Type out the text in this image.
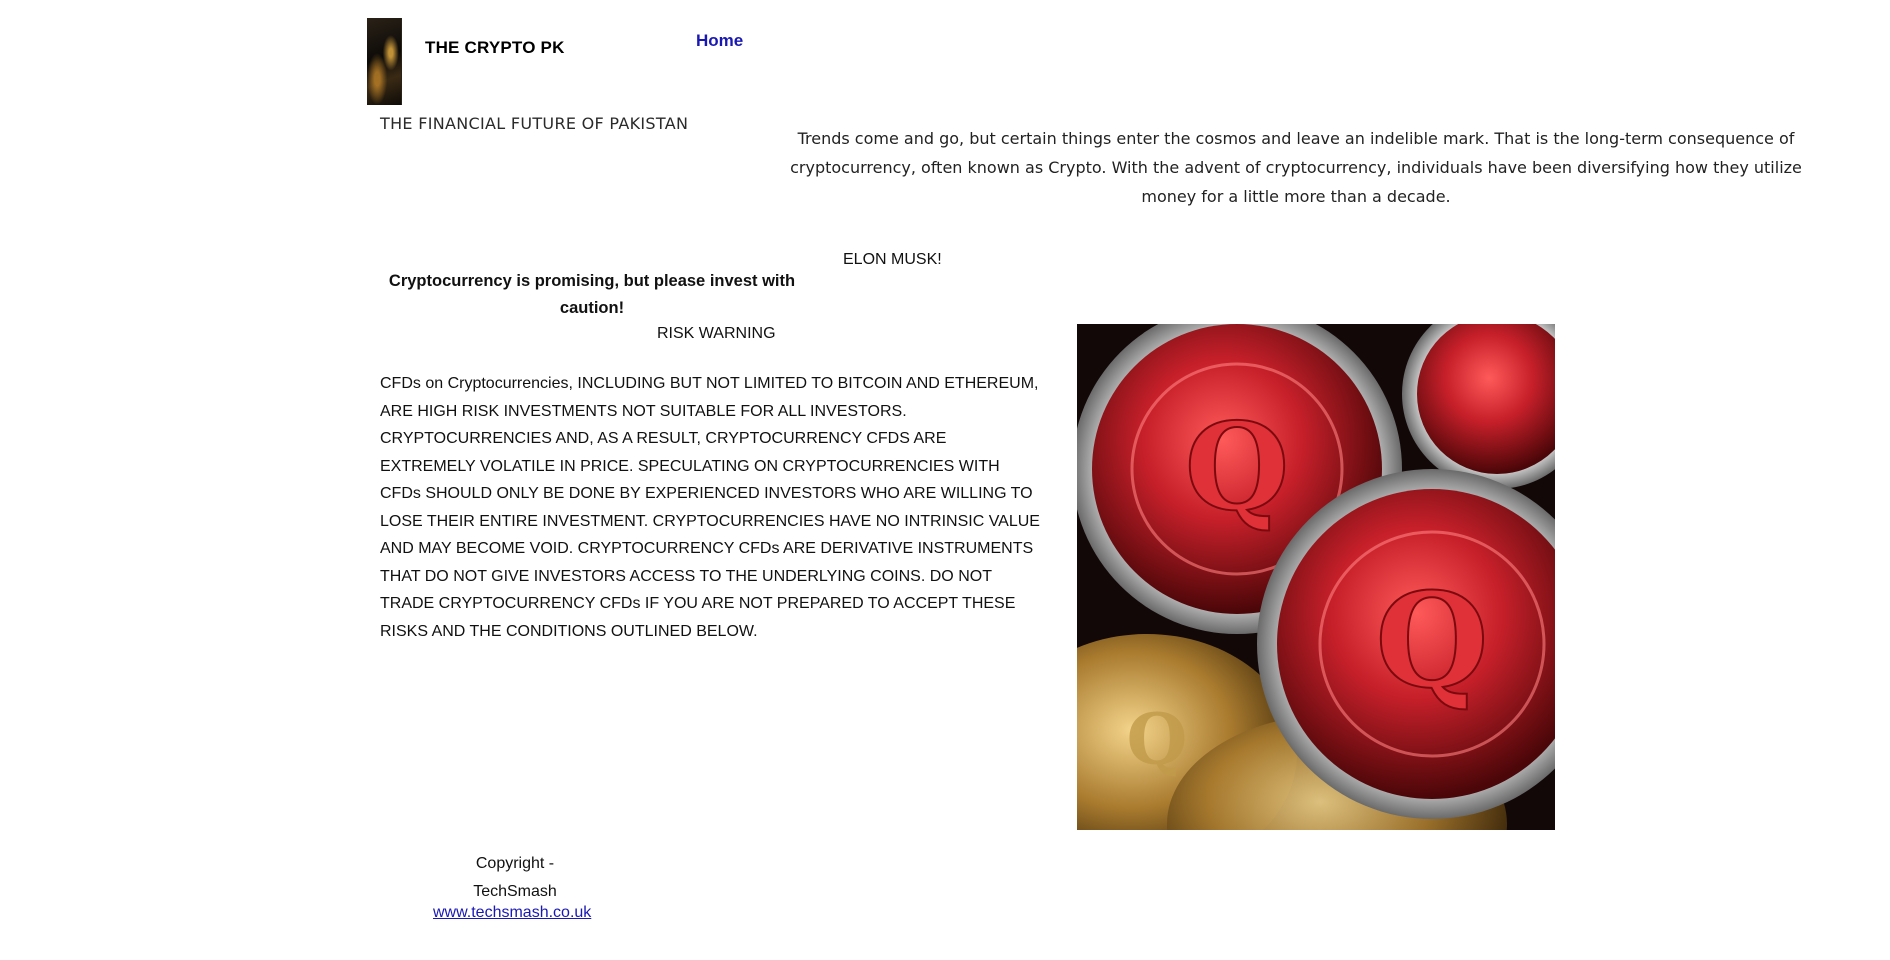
THE CRYPTO PK	Home
THE FINANCIAL FUTURE OF PAKISTAN
Trends come and go, but certain things enter the cosmos and leave an indelible mark. That is the long-term consequence of cryptocurrency, often known as Crypto. With the advent of cryptocurrency, individuals have been diversifying how they utilize money for a little more than a decade.
ELON MUSK!
Cryptocurrency is promising, but please invest with caution!
RISK WARNING
CFDs on Cryptocurrencies, INCLUDING BUT NOT LIMITED TO BITCOIN AND ETHEREUM, ARE HIGH RISK INVESTMENTS NOT SUITABLE FOR ALL INVESTORS. CRYPTOCURRENCIES AND, AS A RESULT, CRYPTOCURRENCY CFDS ARE EXTREMELY VOLATILE IN PRICE. SPECULATING ON CRYPTOCURRENCIES WITH CFDs SHOULD ONLY BE DONE BY EXPERIENCED INVESTORS WHO ARE WILLING TO LOSE THEIR ENTIRE INVESTMENT. CRYPTOCURRENCIES HAVE NO INTRINSIC VALUE AND MAY BECOME VOID. CRYPTOCURRENCY CFDs ARE DERIVATIVE INSTRUMENTS THAT DO NOT GIVE INVESTORS ACCESS TO THE UNDERLYING COINS. DO NOT TRADE CRYPTOCURRENCY CFDs IF YOU ARE NOT PREPARED TO ACCEPT THESE RISKS AND THE CONDITIONS OUTLINED BELOW.
Q
Q
Q
Copyright -
TechSmash
www.techsmash.co.uk
